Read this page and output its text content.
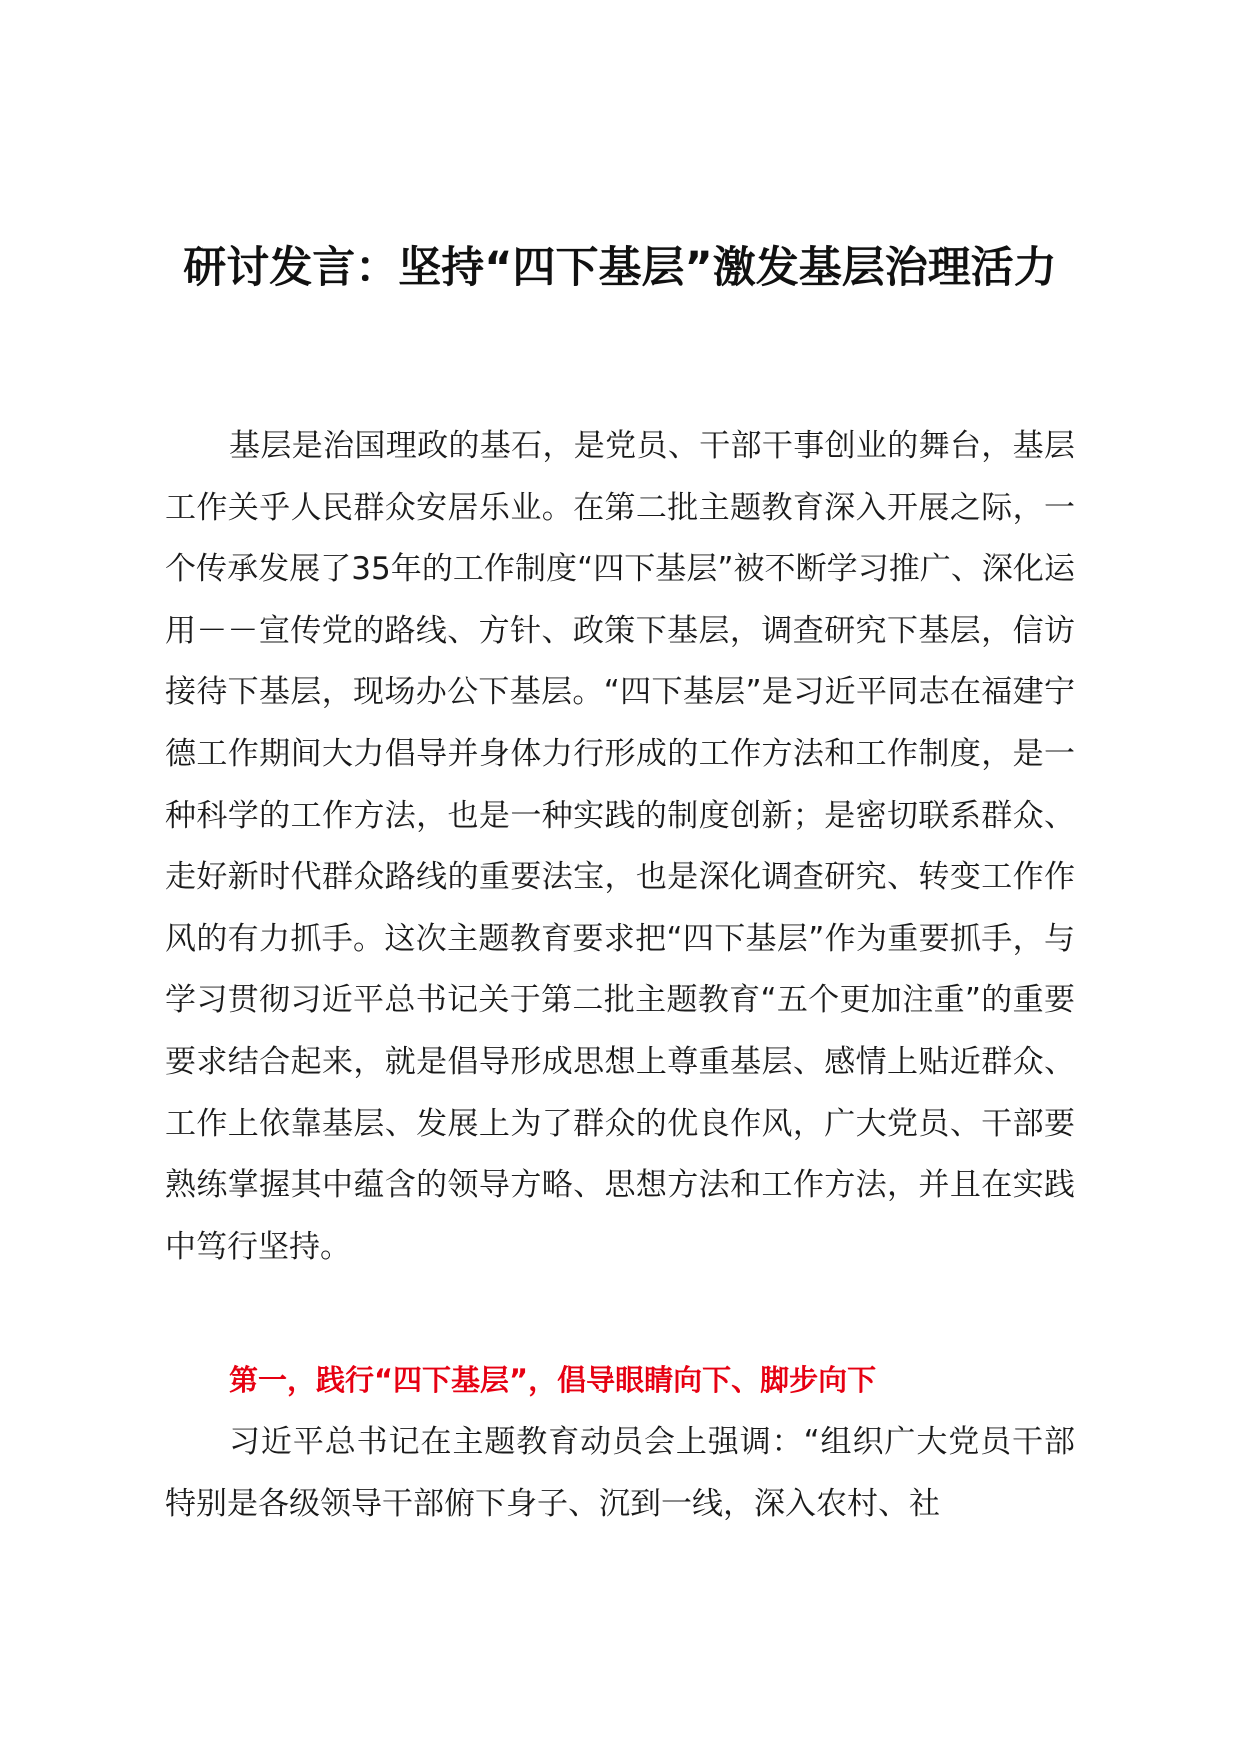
研讨发言：坚持“四下基层”激发基层治理活力

基层是治国理政的基石，是党员、干部干事创业的舞台，基层工作关乎人民群众安居乐业。在第二批主题教育深入开展之际，一个传承发展了35年的工作制度“四下基层”被不断学习推广、深化运用－－宣传党的路线、方针、政策下基层，调查研究下基层，信访接待下基层，现场办公下基层。“四下基层”是习近平同志在福建宁德工作期间大力倡导并身体力行形成的工作方法和工作制度，是一种科学的工作方法，也是一种实践的制度创新；是密切联系群众、走好新时代群众路线的重要法宝，也是深化调查研究、转变工作作风的有力抓手。这次主题教育要求把“四下基层”作为重要抓手，与学习贯彻习近平总书记关于第二批主题教育“五个更加注重”的重要要求结合起来，就是倡导形成思想上尊重基层、感情上贴近群众、工作上依靠基层、发展上为了群众的优良作风，广大党员、干部要熟练掌握其中蕴含的领导方略、思想方法和工作方法，并且在实践中笃行坚持。

第一，践行“四下基层”，倡导眼睛向下、脚步向下

习近平总书记在主题教育动员会上强调：“组织广大党员干部特别是各级领导干部俯下身子、沉到一线，深入农村、社
